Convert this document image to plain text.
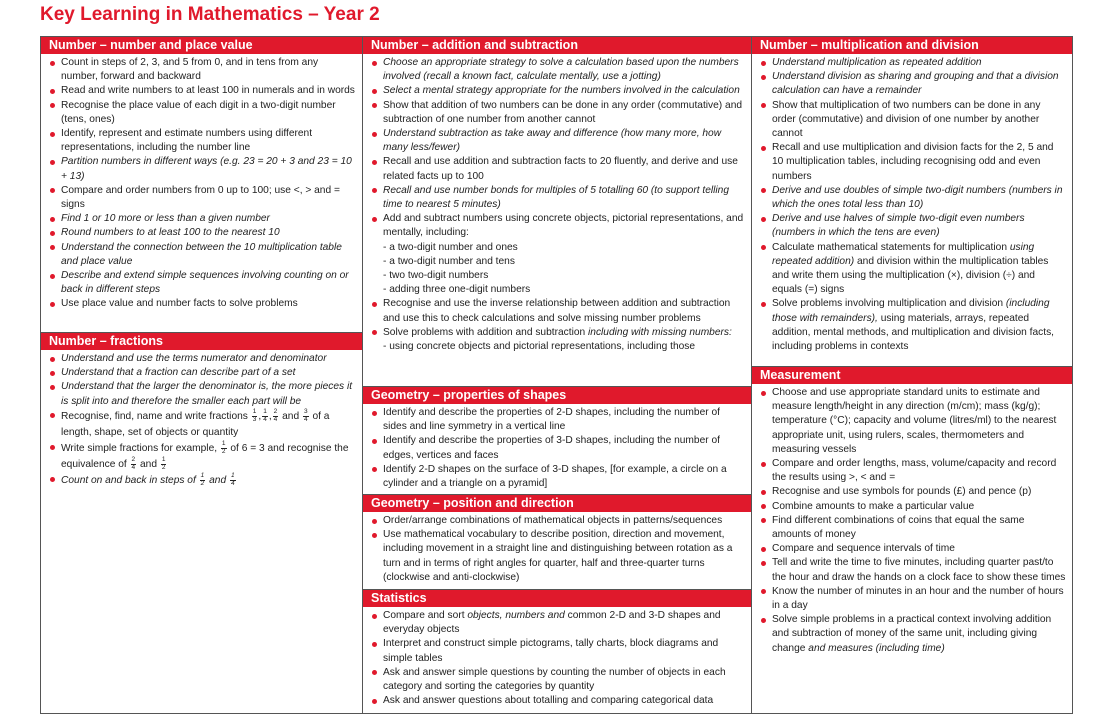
Key Learning in Mathematics – Year 2
Number – number and place value
Count in steps of 2, 3, and 5 from 0, and in tens from any number, forward and backward
Read and write numbers to at least 100 in numerals and in words
Recognise the place value of each digit in a two-digit number (tens, ones)
Identify, represent and estimate numbers using different representations, including the number line
Partition numbers in different ways (e.g. 23 = 20 + 3 and 23 = 10 + 13)
Compare and order numbers from 0 up to 100; use <, > and = signs
Find 1 or 10 more or less than a given number
Round numbers to at least 100 to the nearest 10
Understand the connection between the 10 multiplication table and place value
Describe and extend simple sequences involving counting on or back in different steps
Use place value and number facts to solve problems
Number – fractions
Understand and use the terms numerator and denominator
Understand that a fraction can describe part of a set
Understand that the larger the denominator is, the more pieces it is split into and therefore the smaller each part will be
Recognise, find, name and write fractions $\frac{1}{3}$ , $\frac{1}{4}$ , $\frac{2}{4}$ and $\frac{3}{4}$ of a length, shape, set of objects or quantity
Write simple fractions for example, $\frac{1}{2}$ of 6 = 3 and recognise the equivalence of $\frac{2}{4}$ and $\frac{1}{2}$
Count on and back in steps of $\frac{1}{2}$ and $\frac{1}{4}$
Number – addition and subtraction
Choose an appropriate strategy to solve a calculation based upon the numbers involved (recall a known fact, calculate mentally, use a jotting)
Select a mental strategy appropriate for the numbers involved in the calculation
Show that addition of two numbers can be done in any order (commutative) and subtraction of one number from another cannot
Understand subtraction as take away and difference (how many more, how many less/fewer)
Recall and use addition and subtraction facts to 20 fluently, and derive and use related facts up to 100
Recall and use number bonds for multiples of 5 totalling 60 (to support telling time to nearest 5 minutes)
Add and subtract numbers using concrete objects, pictorial representations, and mentally, including:
- a two-digit number and ones
- a two-digit number and tens
- two two-digit numbers
- adding three one-digit numbers
Recognise and use the inverse relationship between addition and subtraction and use this to check calculations and solve missing number problems
Solve problems with addition and subtraction including with missing numbers:
- using concrete objects and pictorial representations, including those
Geometry – properties of shapes
Identify and describe the properties of 2-D shapes, including the number of sides and line symmetry in a vertical line
Identify and describe the properties of 3-D shapes, including the number of edges, vertices and faces
Identify 2-D shapes on the surface of 3-D shapes, [for example, a circle on a cylinder and a triangle on a pyramid]
Geometry – position and direction
Order/arrange combinations of mathematical objects in patterns/sequences
Use mathematical vocabulary to describe position, direction and movement, including movement in a straight line and distinguishing between rotation as a turn and in terms of right angles for quarter, half and three-quarter turns (clockwise and anti-clockwise)
Statistics
Compare and sort objects, numbers and common 2-D and 3-D shapes and everyday objects
Interpret and construct simple pictograms, tally charts, block diagrams and simple tables
Ask and answer simple questions by counting the number of objects in each category and sorting the categories by quantity
Ask and answer questions about totalling and comparing categorical data
Number – multiplication and division
Understand multiplication as repeated addition
Understand division as sharing and grouping and that a division calculation can have a remainder
Show that multiplication of two numbers can be done in any order (commutative) and division of one number by another cannot
Recall and use multiplication and division facts for the 2, 5 and 10 multiplication tables, including recognising odd and even numbers
Derive and use doubles of simple two-digit numbers (numbers in which the ones total less than 10)
Derive and use halves of simple two-digit even numbers (numbers in which the tens are even)
Calculate mathematical statements for multiplication using repeated addition) and division within the multiplication tables and write them using the multiplication (×), division (÷) and equals (=) signs
Solve problems involving multiplication and division (including those with remainders), using materials, arrays, repeated addition, mental methods, and multiplication and division facts, including problems in contexts
Measurement
Choose and use appropriate standard units to estimate and measure length/height in any direction (m/cm); mass (kg/g); temperature (°C); capacity and volume (litres/ml) to the nearest appropriate unit, using rulers, scales, thermometers and measuring vessels
Compare and order lengths, mass, volume/capacity and record the results using >, < and =
Recognise and use symbols for pounds (£) and pence (p)
Combine amounts to make a particular value
Find different combinations of coins that equal the same amounts of money
Compare and sequence intervals of time
Tell and write the time to five minutes, including quarter past/to the hour and draw the hands on a clock face to show these times
Know the number of minutes in an hour and the number of hours in a day
Solve simple problems in a practical context involving addition and subtraction of money of the same unit, including giving change and measures (including time)
